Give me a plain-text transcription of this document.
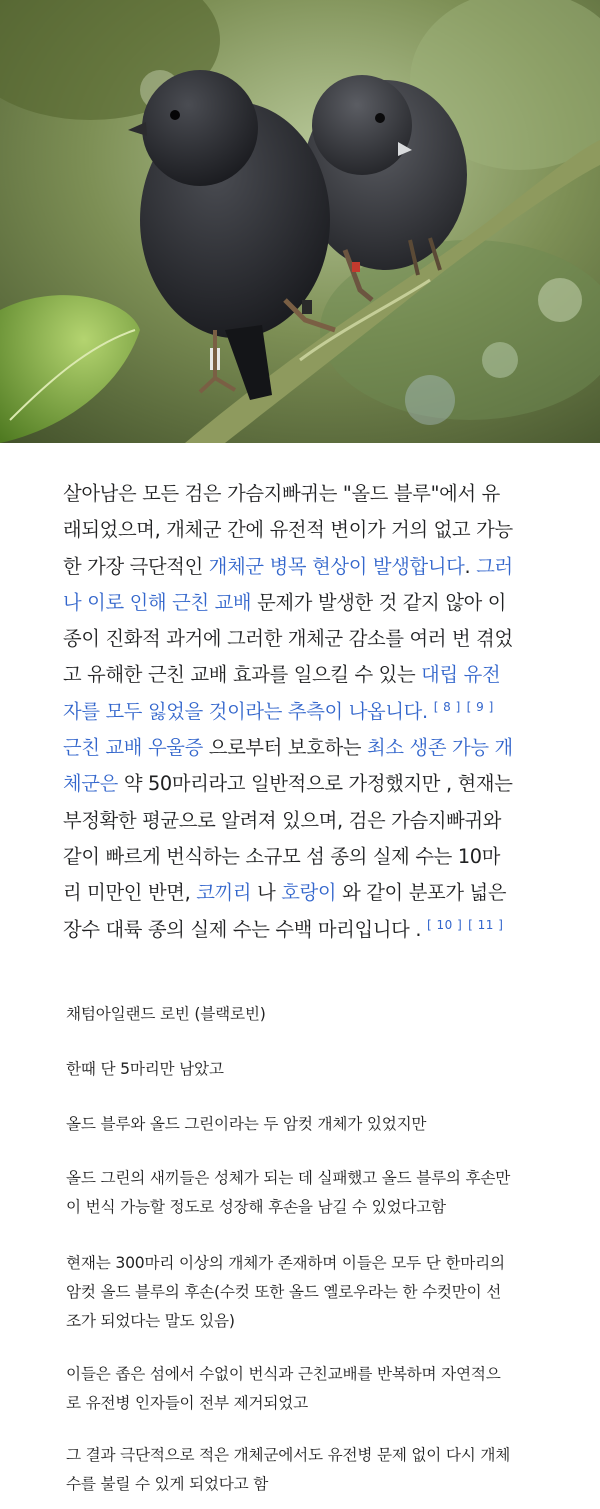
살아남은 모든 검은 가슴지빠귀는 "올드 블루"에서 유
래되었으며, 개체군 간에 유전적 변이가 거의 없고 가능
한 가장 극단적인 개체군 병목 현상이 발생합니다. 그러
나 이로 인해 근친 교배 문제가 발생한 것 같지 않아 이
종이 진화적 과거에 그러한 개체군 감소를 여러 번 겪었
고 유해한 근친 교배 효과를 일으킬 수 있는 대립 유전
자를 모두 잃었을 것이라는 추측이 나옵니다. [ 8 ] [ 9 ]
근친 교배 우울증 으로부터 보호하는 최소 생존 가능 개
체군은 약 50마리라고 일반적으로 가정했지만 , 현재는
부정확한 평균으로 알려져 있으며, 검은 가슴지빠귀와
같이 빠르게 번식하는 소규모 섬 종의 실제 수는 10마
리 미만인 반면, 코끼리 나 호랑이 와 같이 분포가 넓은
장수 대륙 종의 실제 수는 수백 마리입니다 . [ 10 ] [ 11 ]
채텀아일랜드 로빈 (블랙로빈)
한때 단 5마리만 남았고
올드 블루와 올드 그린이라는 두 암컷 개체가 있었지만
올드 그린의 새끼들은 성체가 되는 데 실패했고 올드 블루의 후손만
이 번식 가능할 정도로 성장해 후손을 남길 수 있었다고함
현재는 300마리 이상의 개체가 존재하며 이들은 모두 단 한마리의
암컷 올드 블루의 후손(수컷 또한 올드 옐로우라는 한 수컷만이 선
조가 되었다는 말도 있음)
이들은 좁은 섬에서 수없이 번식과 근친교배를 반복하며 자연적으
로 유전병 인자들이 전부 제거되었고
그 결과 극단적으로 적은 개체군에서도 유전병 문제 없이 다시 개체
수를 불릴 수 있게 되었다고 함
